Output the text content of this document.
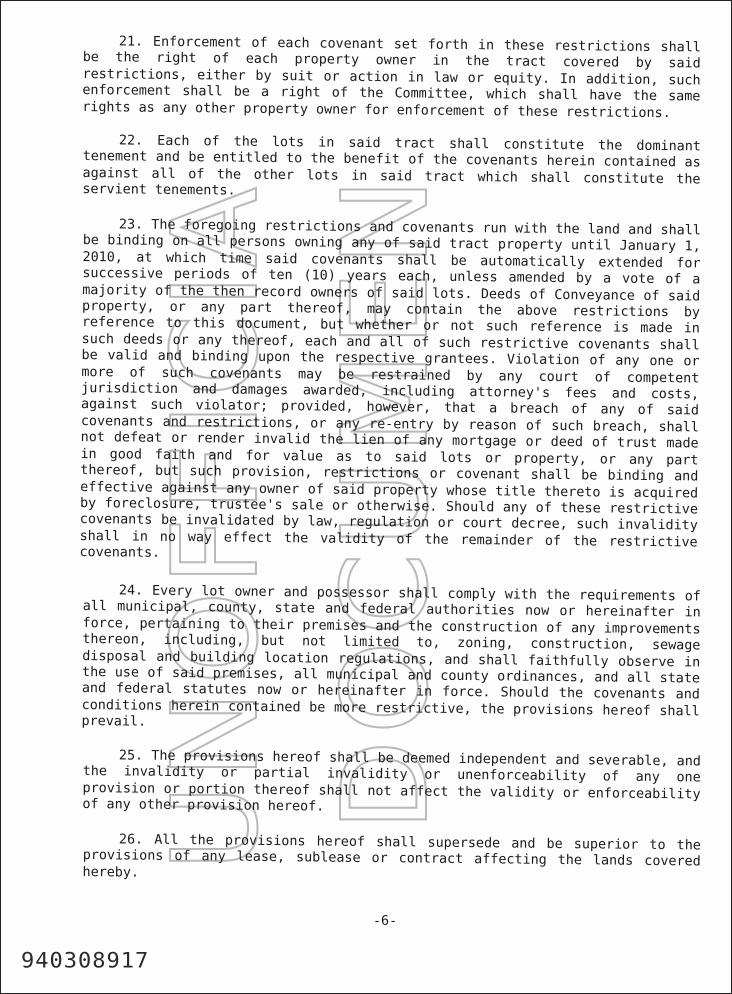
UNOFFICIAL DOCUMENT

21. Enforcement of each covenant set forth in these restrictions shall be the right of each property owner in the tract covered by said restrictions, either by suit or action in law or equity. In addition, such enforcement shall be a right of the Committee, which shall have the same rights as any other property owner for enforcement of these restrictions.

22. Each of the lots in said tract shall constitute the dominant tenement and be entitled to the benefit of the covenants herein contained as against all of the other lots in said tract which shall constitute the servient tenements.

23. The foregoing restrictions and covenants run with the land and shall be binding on all persons owning any of said tract property until January 1, 2010, at which time said covenants shall be automatically extended for successive periods of ten (10) years each, unless amended by a vote of a majority of the then record owners of said lots. Deeds of Conveyance of said property, or any part thereof, may contain the above restrictions by reference to this document, but whether or not such reference is made in such deeds or any thereof, each and all of such restrictive covenants shall be valid and binding upon the respective grantees. Violation of any one or more of such covenants may be restrained by any court of competent jurisdiction and damages awarded, including attorney's fees and costs, against such violator; provided, however, that a breach of any of said covenants and restrictions, or any re-entry by reason of such breach, shall not defeat or render invalid the lien of any mortgage or deed of trust made in good faith and for value as to said lots or property, or any part thereof, but such provision, restrictions or covenant shall be binding and effective against any owner of said property whose title thereto is acquired by foreclosure, trustee's sale or otherwise. Should any of these restrictive covenants be invalidated by law, regulation or court decree, such invalidity shall in no way effect the validity of the remainder of the restrictive covenants.

24. Every lot owner and possessor shall comply with the requirements of all municipal, county, state and federal authorities now or hereinafter in force, pertaining to their premises and the construction of any improvements thereon, including, but not limited to, zoning, construction, sewage disposal and building location regulations, and shall faithfully observe in the use of said premises, all municipal and county ordinances, and all state and federal statutes now or hereinafter in force. Should the covenants and conditions herein contained be more restrictive, the provisions hereof shall prevail.

25. The provisions hereof shall be deemed independent and severable, and the invalidity or partial invalidity or unenforceability of any one provision or portion thereof shall not affect the validity or enforceability of any other provision hereof.

26. All the provisions hereof shall supersede and be superior to the provisions of any lease, sublease or contract affecting the lands covered hereby.

-6-
940308917
